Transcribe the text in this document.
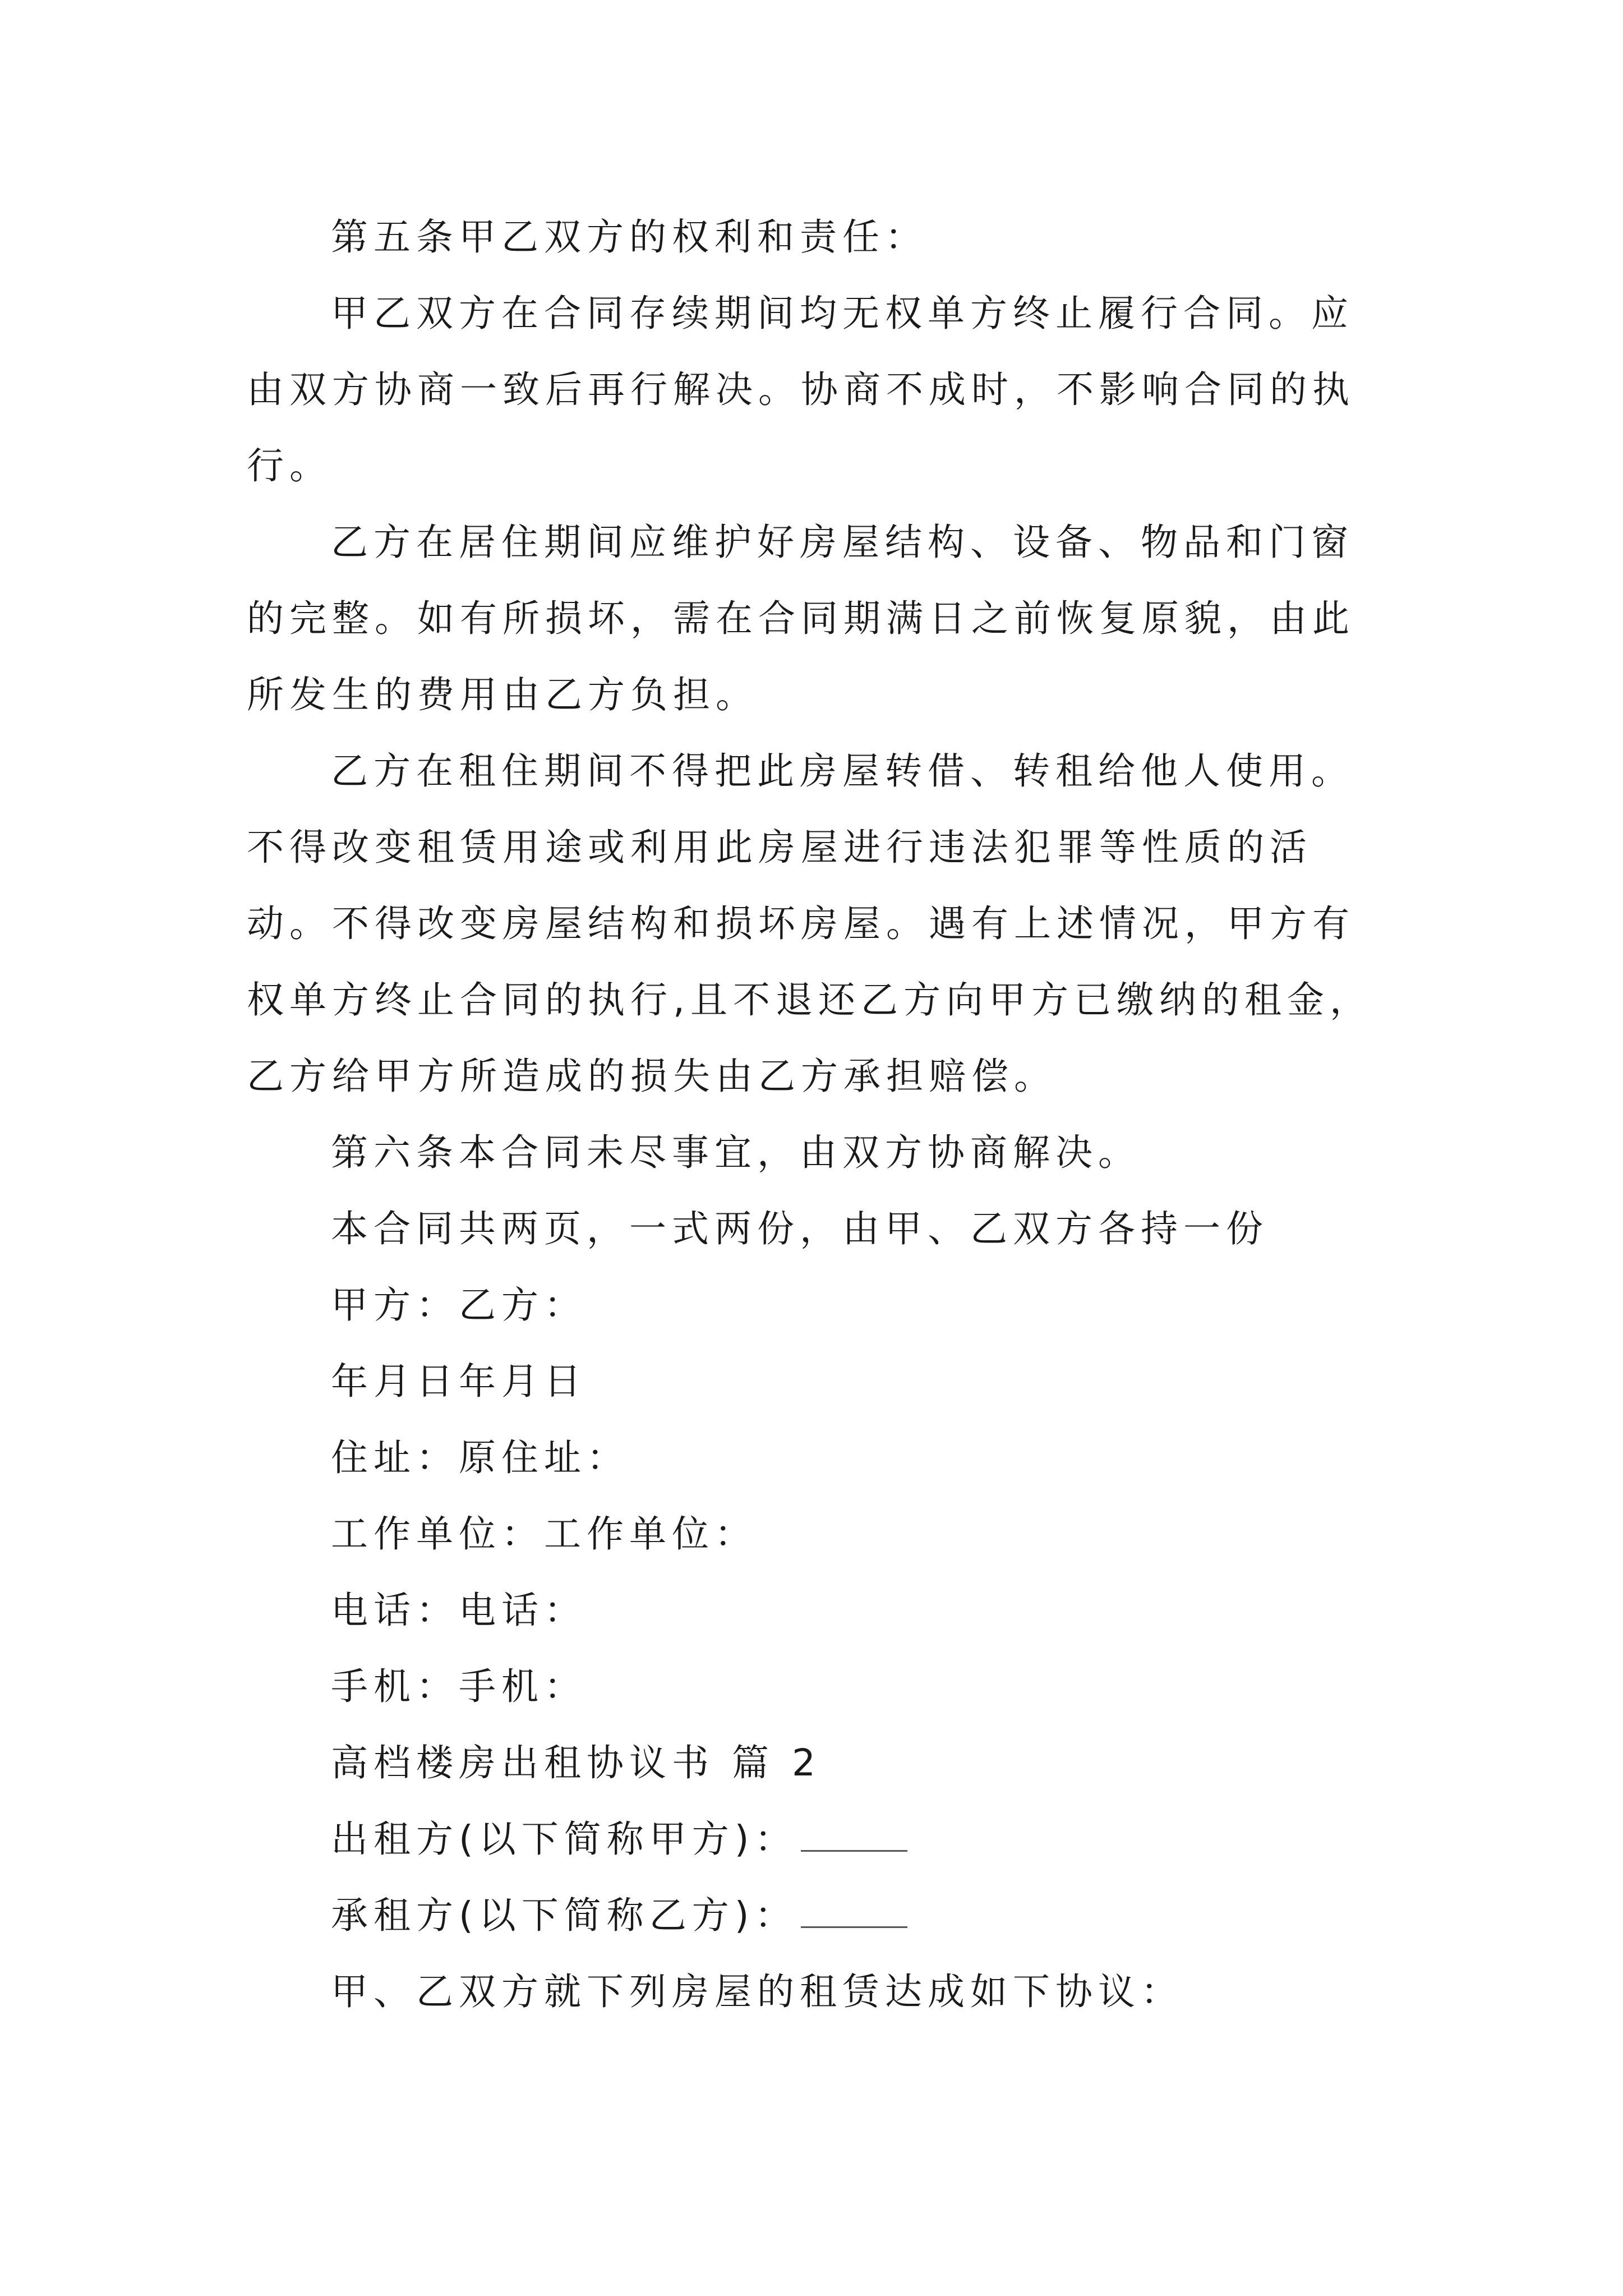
第五条甲乙双方的权利和责任：

甲乙双方在合同存续期间均无权单方终止履行合同。应由双方协商一致后再行解决。协商不成时，不影响合同的执行。

乙方在居住期间应维护好房屋结构、设备、物品和门窗的完整。如有所损坏，需在合同期满日之前恢复原貌，由此所发生的费用由乙方负担。

乙方在租住期间不得把此房屋转借、转租给他人使用。不得改变租赁用途或利用此房屋进行违法犯罪等性质的活动。不得改变房屋结构和损坏房屋。遇有上述情况，甲方有权单方终止合同的执行,且不退还乙方向甲方已缴纳的租金，乙方给甲方所造成的损失由乙方承担赔偿。

第六条本合同未尽事宜，由双方协商解决。

本合同共两页，一式两份，由甲、乙双方各持一份

甲方：乙方：

年月日年月日

住址：原住址：

工作单位：工作单位：

电话：电话：

手机：手机：

高档楼房出租协议书 篇 2

出租方(以下简称甲方)：

承租方(以下简称乙方)：

甲、乙双方就下列房屋的租赁达成如下协议：
